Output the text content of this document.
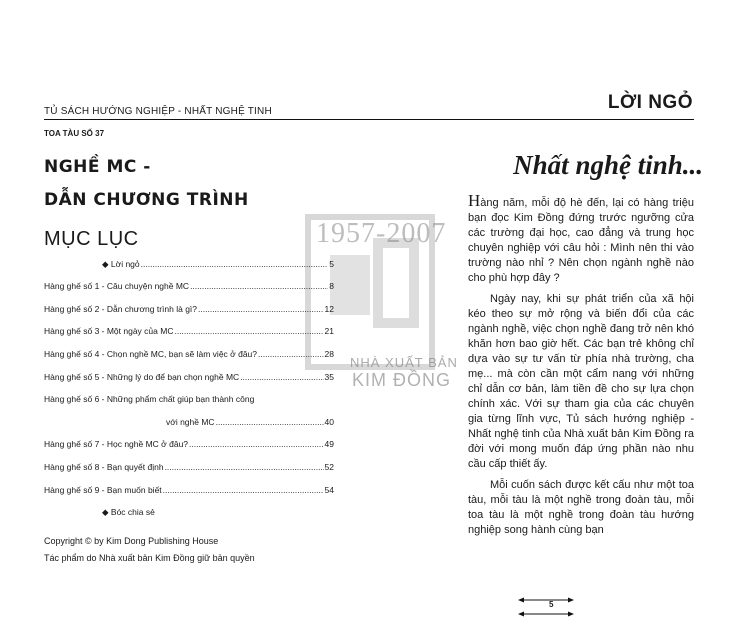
TỦ SÁCH HƯỚNG NGHIỆP - NHẤT NGHỆ TINH	LỜI NGỎ
TOA TÀU SỐ 37
NGHỀ MC -
DẪN CHƯƠNG TRÌNH
MỤC LỤC	1957-2007
NHÀ XUẤT BẢN
KIM ĐỒNG
◆ Lời ngỏ .....	5
Hàng ghế số 1 - Câu chuyện nghề MC .....	8
Hàng ghế số 2 - Dẫn chương trình là gì? .....	12
Hàng ghế số 3 - Một ngày của MC .....	21
Hàng ghế số 4 - Chọn nghề MC, bạn sẽ làm việc ở đâu? .....	28
Hàng ghế số 5 - Những lý do để bạn chọn nghề MC .....	35
Hàng ghế số 6 - Những phẩm chất giúp bạn thành công
với nghề MC .....	40
Hàng ghế số 7 - Học nghề MC ở đâu? .....	49
Hàng ghế số 8 - Bạn quyết định .....	52
Hàng ghế số 9 - Bạn muốn biết .....	54
◆ Bóc chia sẻ
Copyright © by Kim Dong Publishing House
Tác phẩm do Nhà xuất bản Kim Đồng giữ bản quyền
Nhất nghệ tinh...

Hàng năm, mỗi độ hè đến, lại có hàng triệu bạn đọc Kim Đồng đứng trước ngưỡng cửa các trường đại học, cao đẳng và trung học chuyên nghiệp với câu hỏi : Mình nên thi vào trường nào nhỉ ? Nên chọn ngành nghề nào cho phù hợp đây ?

Ngày nay, khi sự phát triển của xã hội kéo theo sự mở rộng và biến đổi của các ngành nghề, việc chọn nghề đang trở nên khó khăn hơn bao giờ hết. Các bạn trẻ không chỉ dựa vào sự tư vấn từ phía nhà trường, cha mẹ... mà còn cần một cẩm nang với những chỉ dẫn cơ bản, làm tiền đề cho sự lựa chọn chính xác. Với sự tham gia của các chuyên gia từng lĩnh vực, Tủ sách hướng nghiệp - Nhất nghệ tinh của Nhà xuất bản Kim Đồng ra đời với mong muốn đáp ứng phần nào nhu cầu cấp thiết ấy.

Mỗi cuốn sách được kết cấu như một toa tàu, mỗi tàu là một nghề trong đoàn tàu, mỗi toa tàu là một nghề trong đoàn tàu hướng nghiệp song hành cùng bạn

5
